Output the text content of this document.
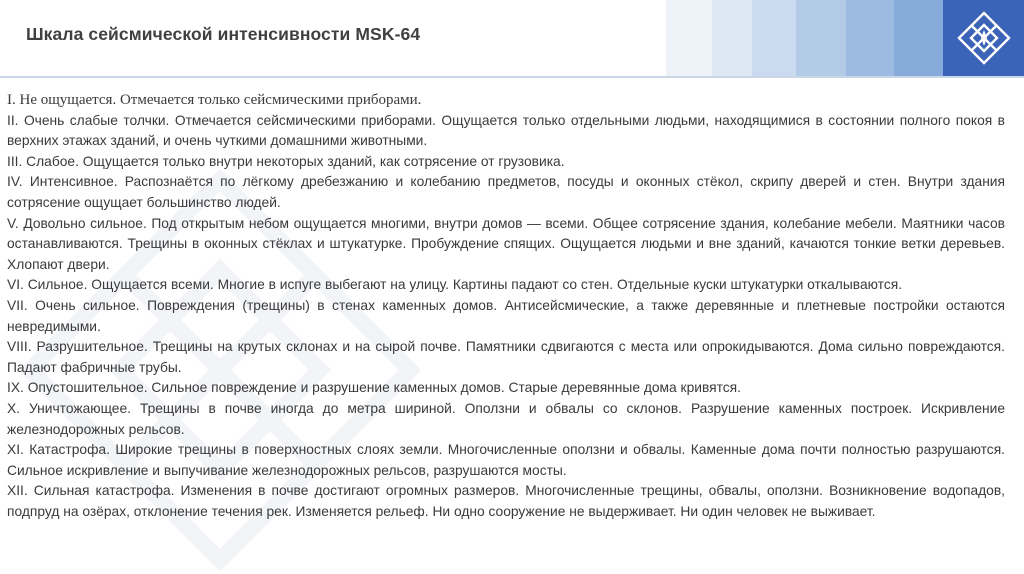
Шкала сейсмической интенсивности MSK-64

I. Не ощущается. Отмечается только сейсмическими приборами.

II. Очень слабые толчки. Отмечается сейсмическими приборами. Ощущается только отдельными людьми, находящимися в состоянии полного покоя в верхних этажах зданий, и очень чуткими домашними животными.

III. Слабое. Ощущается только внутри некоторых зданий, как сотрясение от грузовика.

IV. Интенсивное. Распознаётся по лёгкому дребезжанию и колебанию предметов, посуды и оконных стёкол, скрипу дверей и стен. Внутри здания сотрясение ощущает большинство людей.

V. Довольно сильное. Под открытым небом ощущается многими, внутри домов — всеми. Общее сотрясение здания, колебание мебели. Маятники часов останавливаются. Трещины в оконных стёклах и штукатурке. Пробуждение спящих. Ощущается людьми и вне зданий, качаются тонкие ветки деревьев. Хлопают двери.

VI. Сильное. Ощущается всеми. Многие в испуге выбегают на улицу. Картины падают со стен. Отдельные куски штукатурки откалываются.

VII. Очень сильное. Повреждения (трещины) в стенах каменных домов. Антисейсмические, а также деревянные и плетневые постройки остаются невредимыми.

VIII. Разрушительное. Трещины на крутых склонах и на сырой почве. Памятники сдвигаются с места или опрокидываются. Дома сильно повреждаются. Падают фабричные трубы.

IX. Опустошительное. Сильное повреждение и разрушение каменных домов. Старые деревянные дома кривятся.

X. Уничтожающее. Трещины в почве иногда до метра шириной. Оползни и обвалы со склонов. Разрушение каменных построек. Искривление железнодорожных рельсов.

XI. Катастрофа. Широкие трещины в поверхностных слоях земли. Многочисленные оползни и обвалы. Каменные дома почти полностью разрушаются. Сильное искривление и выпучивание железнодорожных рельсов, разрушаются мосты.

XII. Сильная катастрофа. Изменения в почве достигают огромных размеров. Многочисленные трещины, обвалы, оползни. Возникновение водопадов, подпруд на озёрах, отклонение течения рек. Изменяется рельеф. Ни одно сооружение не выдерживает. Ни один человек не выживает.
